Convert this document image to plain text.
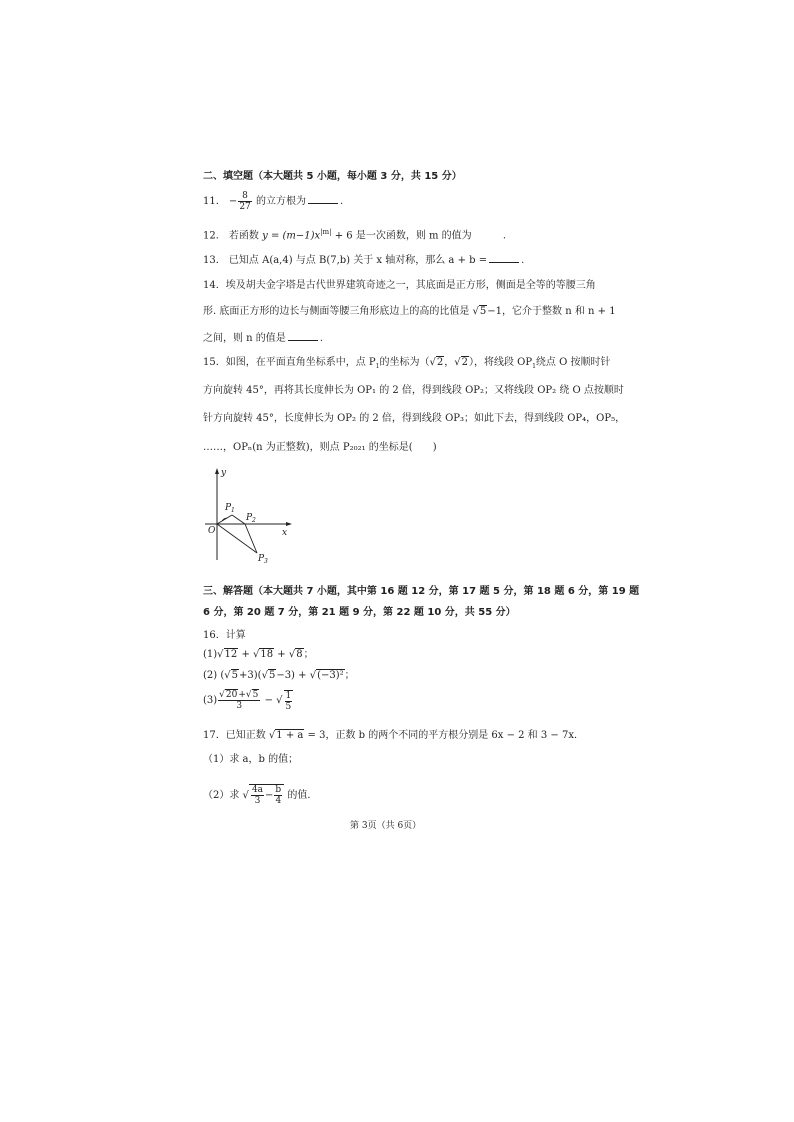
二、填空题（本大题共 5 小题，每小题 3 分，共 15 分）
11． − $\frac{8}{27}$ 的立方根为	.
12． 若函数 $y = (m-1)x^{|m|} + 6$ 是一次函数，则 m 的值为	.
13． 已知点 A(a,4) 与点 B(7,b) 关于 x 轴对称，那么 a + b =	.
14．埃及胡夫金字塔是古代世界建筑奇迹之一，其底面是正方形，侧面是全等的等腰三角
形. 底面正方形的边长与侧面等腰三角形底边上的高的比值是 √5−1，它介于整数 n 和 n + 1
之间，则 n 的值是	.
15．如图，在平面直角坐标系中，点 $P_1$的坐标为（√2，√2），将线段 $OP_1$绕点 O 按顺时针
方向旋转 45°，再将其长度伸长为 OP₁ 的 2 倍，得到线段 OP₂；又将线段 OP₂ 绕 O 点按顺时
针方向旋转 45°，长度伸长为 OP₂ 的 2 倍，得到线段 OP₃；如此下去，得到线段 OP₄，OP₅，
……，OPₙ(n 为正整数)，则点 P₂₀₂₁ 的坐标是(　　)
y
x
O
P 1
P 2
P 3
三、解答题（本大题共 7 小题，其中第 16 题 12 分，第 17 题 5 分，第 18 题 6 分，第 19 题
6 分，第 20 题 7 分，第 21 题 9 分，第 22 题 10 分，共 55 分）
16．计算
(1)√12 + √18 + √8；
(2) (√5+3)(√5−3) + √(−3)²；
$(3) \frac{√20+√5}{3}$ − √ $\frac{1}{5}$
17．已知正数 √1 + a = 3，正数 b 的两个不同的平方根分别是 6x − 2 和 3 − 7x．
（1）求 a，b 的值；
（2）求 √ $\frac{4a}{3} - \frac{b}{4}$ 的值．
第 3页（共 6页）
